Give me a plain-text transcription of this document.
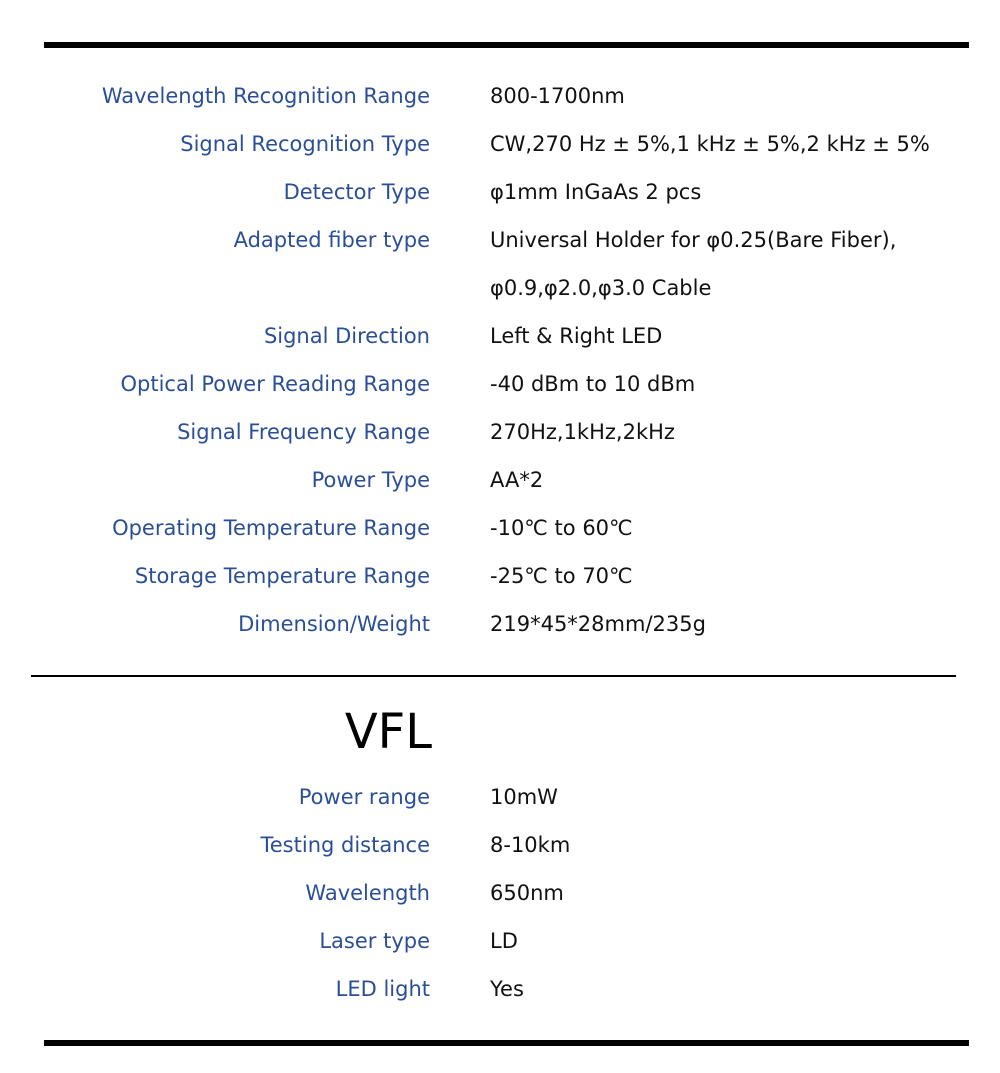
Wavelength Recognition Range	800-1700nm
Signal Recognition Type	CW,270 Hz ± 5%,1 kHz ± 5%,2 kHz ± 5%
Detector Type	φ1mm InGaAs 2 pcs
Adapted fiber type	Universal Holder for φ0.25(Bare Fiber),
φ0.9,φ2.0,φ3.0 Cable
Signal Direction	Left & Right LED
Optical Power Reading Range	-40 dBm to 10 dBm
Signal Frequency Range	270Hz,1kHz,2kHz
Power Type	AA*2
Operating Temperature Range	-10℃ to 60℃
Storage Temperature Range	-25℃ to 70℃
Dimension/Weight	219*45*28mm/235g
VFL
Power range	10mW
Testing distance	8-10km
Wavelength	650nm
Laser type	LD
LED light	Yes
